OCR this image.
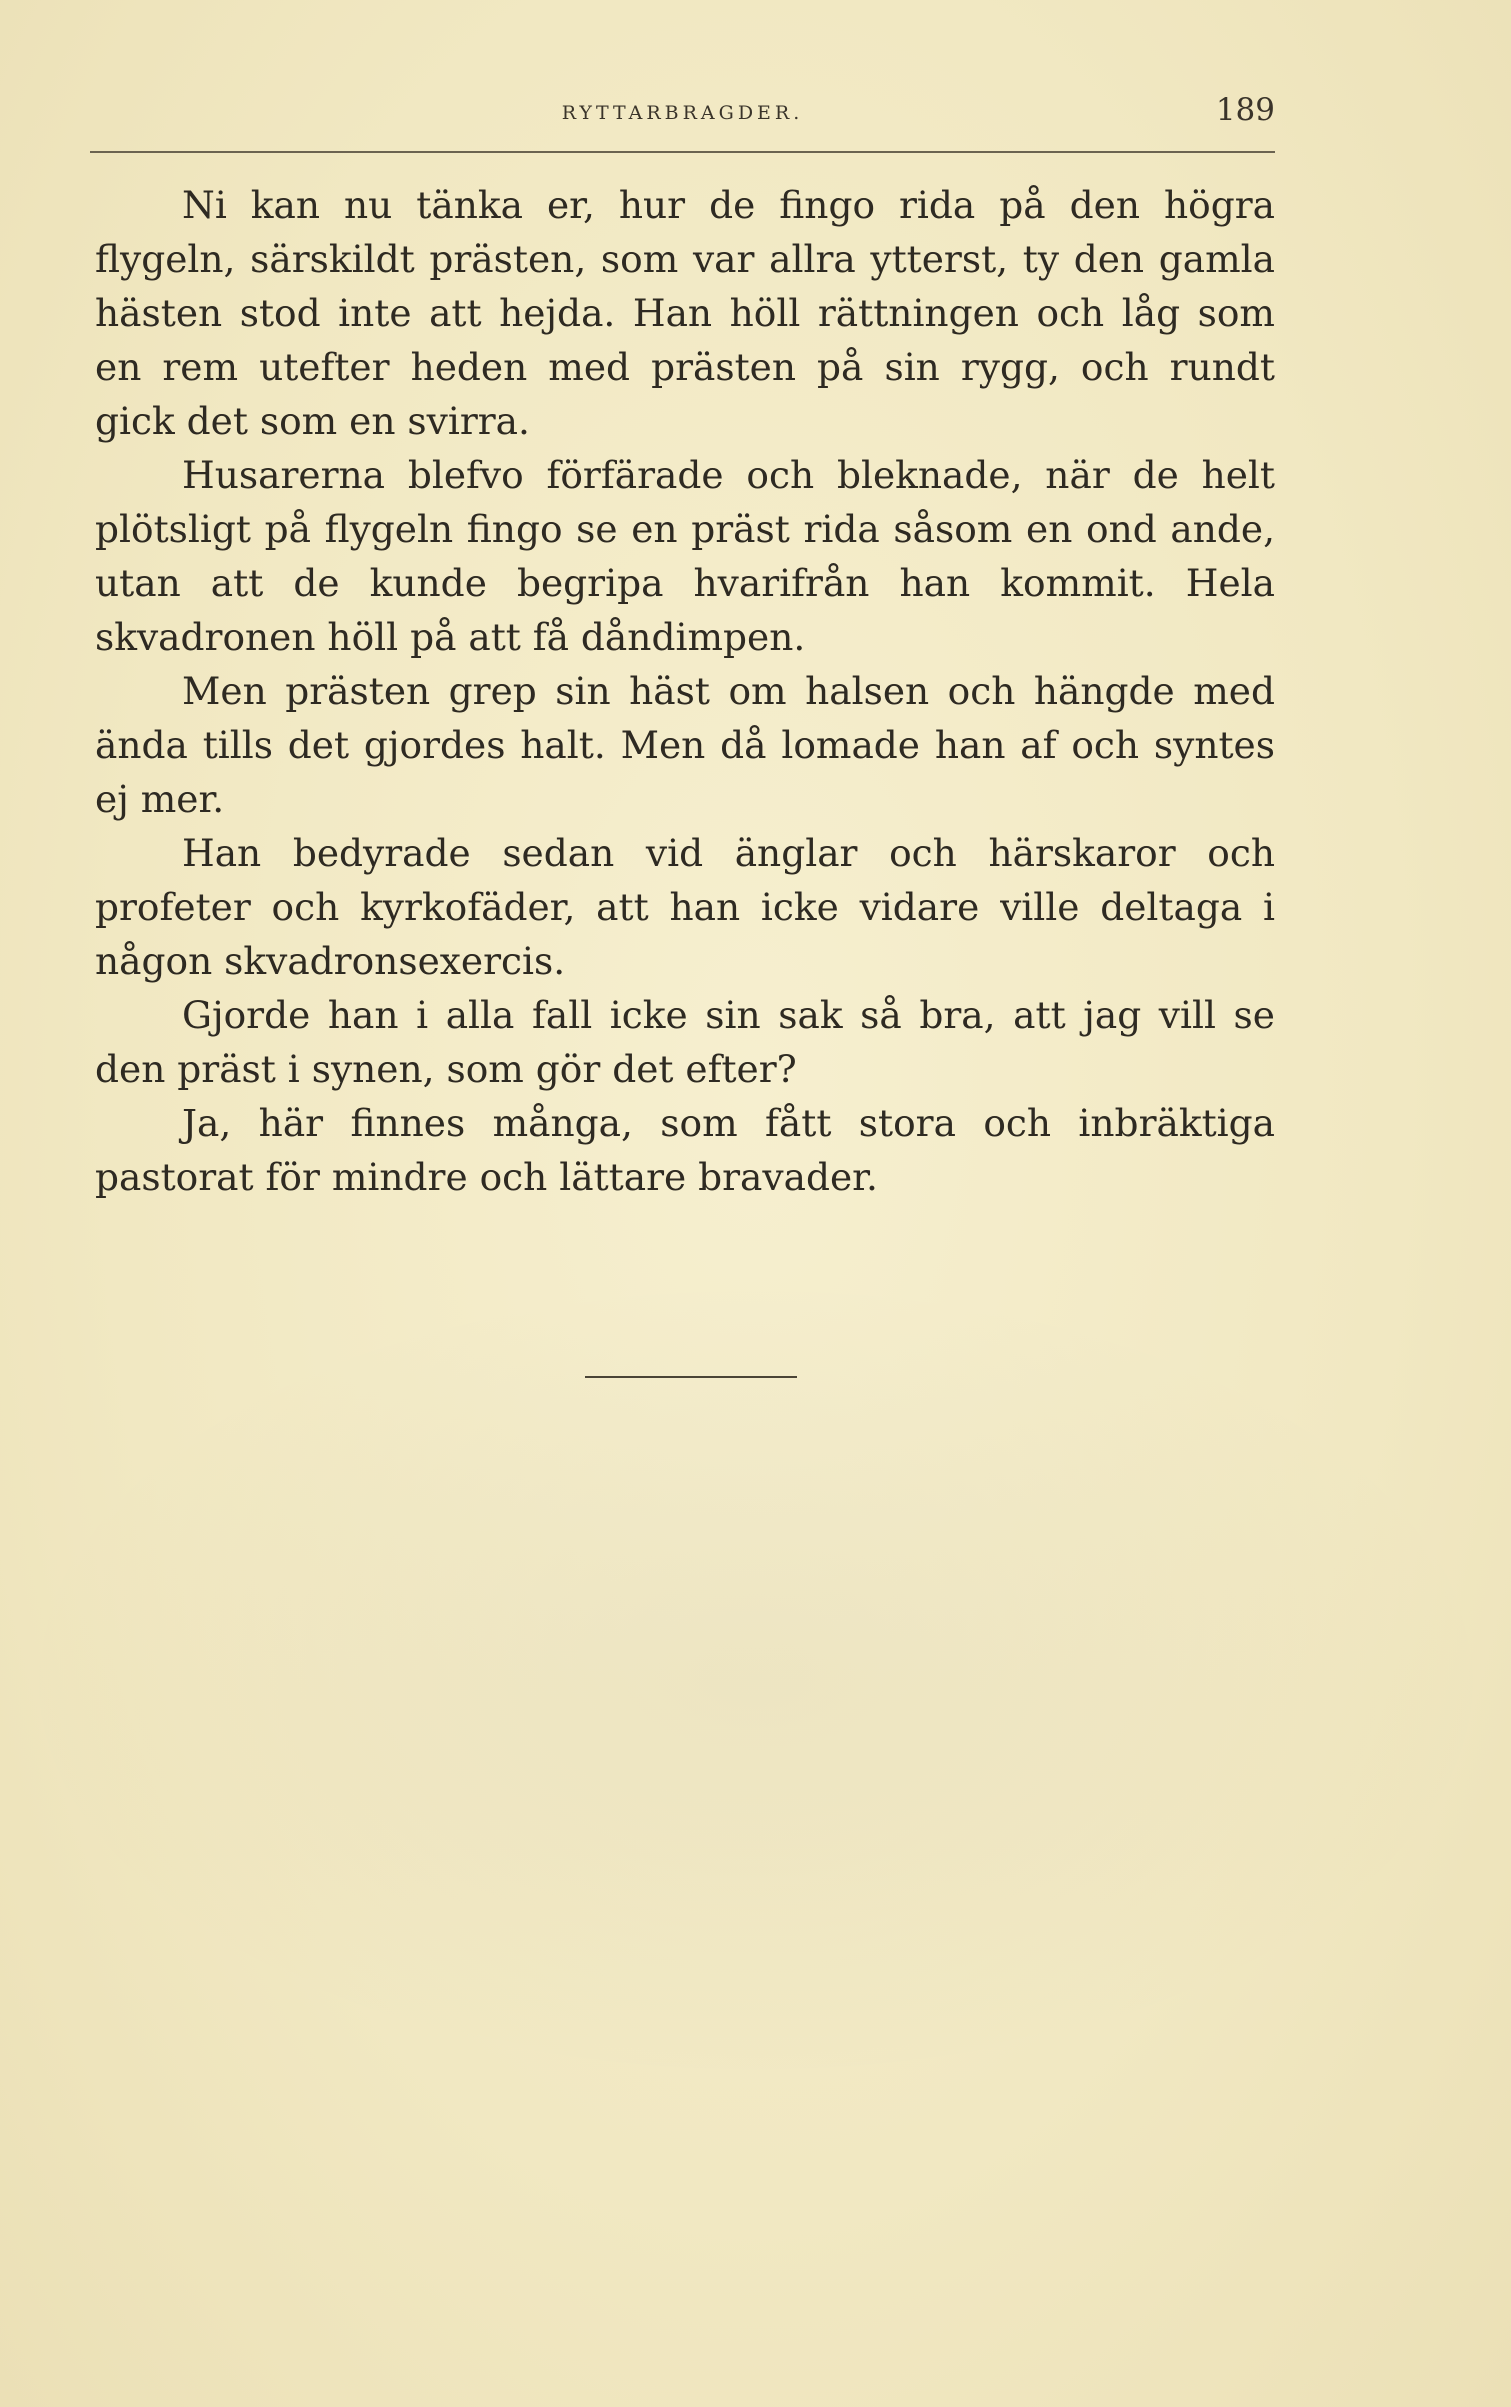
RYTTARBRAGDER.	189

Ni kan nu tänka er, hur de fingo rida på den högra flygeln, särskildt prästen, som var allra ytterst, ty den gamla hästen stod inte att hejda. Han höll rättningen och låg som en rem utefter heden med prästen på sin rygg, och rundt gick det som en svirra.

Husarerna blefvo förfärade och bleknade, när de helt plötsligt på flygeln fingo se en präst rida såsom en ond ande, utan att de kunde begripa hvarifrån han kommit. Hela skvadronen höll på att få dåndimpen.

Men prästen grep sin häst om halsen och hängde med ända tills det gjordes halt. Men då lomade han af och syntes ej mer.

Han bedyrade sedan vid änglar och härskaror och profeter och kyrkofäder, att han icke vidare ville deltaga i någon skvadronsexercis.

Gjorde han i alla fall icke sin sak så bra, att jag vill se den präst i synen, som gör det efter?

Ja, här finnes många, som fått stora och inbräktiga pastorat för mindre och lättare bravader.
